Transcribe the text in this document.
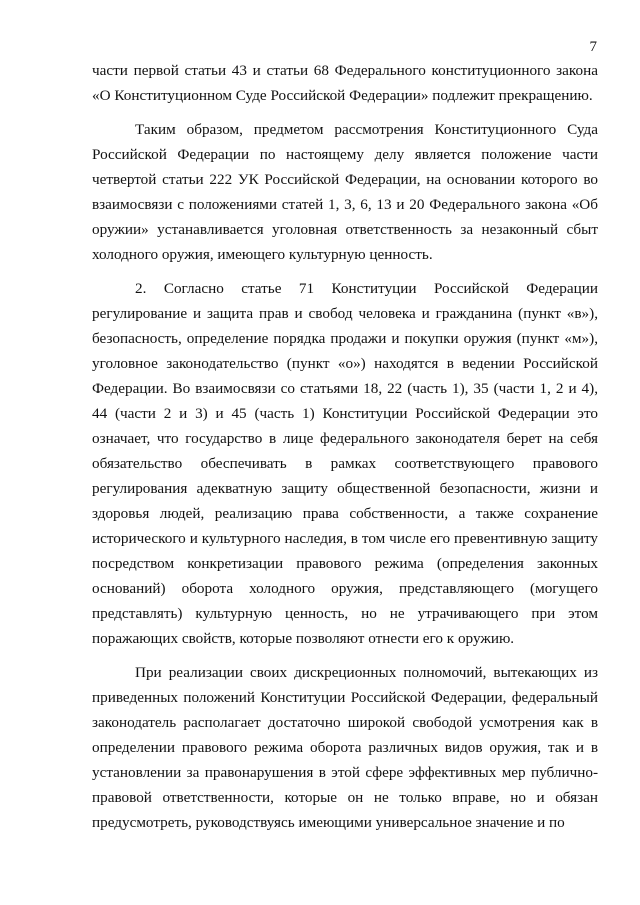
7

части первой статьи 43 и статьи 68 Федерального конституционного закона «О Конституционном Суде Российской Федерации» подлежит прекращению.

Таким образом, предметом рассмотрения Конституционного Суда Российской Федерации по настоящему делу является положение части четвертой статьи 222 УК Российской Федерации, на основании которого во взаимосвязи с положениями статей 1, 3, 6, 13 и 20 Федерального закона «Об оружии» устанавливается уголовная ответственность за незаконный сбыт холодного оружия, имеющего культурную ценность.

2. Согласно статье 71 Конституции Российской Федерации регулирование и защита прав и свобод человека и гражданина (пункт «в»), безопасность, определение порядка продажи и покупки оружия (пункт «м»), уголовное законодательство (пункт «о») находятся в ведении Российской Федерации. Во взаимосвязи со статьями 18, 22 (часть 1), 35 (части 1, 2 и 4), 44 (части 2 и 3) и 45 (часть 1) Конституции Российской Федерации это означает, что государство в лице федерального законодателя берет на себя обязательство обеспечивать в рамках соответствующего правового регулирования адекватную защиту общественной безопасности, жизни и здоровья людей, реализацию права собственности, а также сохранение исторического и культурного наследия, в том числе его превентивную защиту посредством конкретизации правового режима (определения законных оснований) оборота холодного оружия, представляющего (могущего представлять) культурную ценность, но не утрачивающего при этом поражающих свойств, которые позволяют отнести его к оружию.

При реализации своих дискреционных полномочий, вытекающих из приведенных положений Конституции Российской Федерации, федеральный законодатель располагает достаточно широкой свободой усмотрения как в определении правового режима оборота различных видов оружия, так и в установлении за правонарушения в этой сфере эффективных мер публично-правовой ответственности, которые он не только вправе, но и обязан предусмотреть, руководствуясь имеющими универсальное значение и по
